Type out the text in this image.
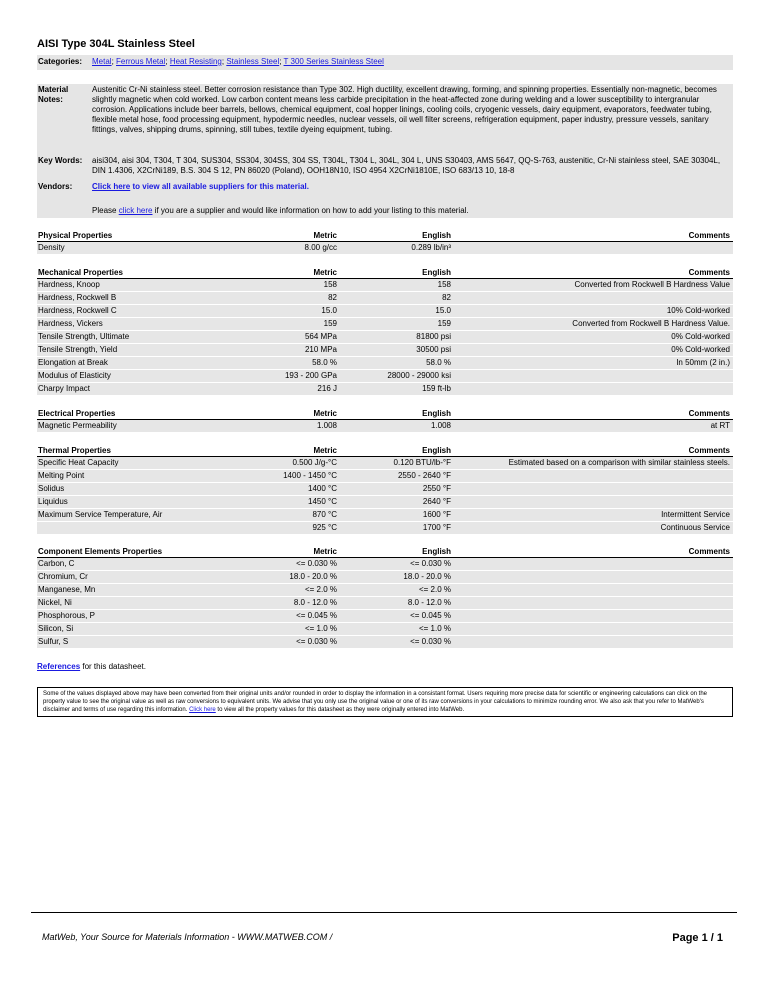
AISI Type 304L Stainless Steel
Categories:	Metal; Ferrous Metal; Heat Resisting; Stainless Steel; T 300 Series Stainless Steel
Material
Notes:
Austenitic Cr-Ni stainless steel. Better corrosion resistance than Type 302. High ductility, excellent drawing, forming, and spinning properties. Essentially non-magnetic, becomes slightly magnetic when cold worked. Low carbon content means less carbide precipitation in the heat-affected zone during welding and a lower susceptibility to intergranular corrosion. Applications include beer barrels, bellows, chemical equipment, coal hopper linings, cooling coils, cryogenic vessels, dairy equipment, evaporators, feedwater tubing, flexible metal hose, food processing equipment, hypodermic needles, nuclear vessels, oil well filter screens, refrigeration equipment, paper industry, pressure vessels, sanitary fittings, valves, shipping drums, spinning, still tubes, textile dyeing equipment, tubing.
Key Words:	aisi304, aisi 304, T304, T 304, SUS304, SS304, 304SS, 304 SS, T304L, T304 L, 304L, 304 L, UNS S30403, AMS 5647, QQ-S-763, austenitic, Cr-Ni stainless steel, SAE 30304L, DIN 1.4306, X2CrNi189, B.S. 304 S 12, PN 86020 (Poland), OOH18N10, ISO 4954 X2CrNi1810E, ISO 683/13 10, 18-8
Vendors:	Click here to view all available suppliers for this material.
Please click here if you are a supplier and would like information on how to add your listing to this material.
Physical Properties	Metric	English	Comments
Density	8.00 g/cc	0.289 lb/in³
Mechanical Properties	Metric	English	Comments
Hardness, Knoop	158	158	Converted from Rockwell B Hardness Value
Hardness, Rockwell B	82	82
Hardness, Rockwell C	15.0	15.0	10% Cold-worked
Hardness, Vickers	159	159	Converted from Rockwell B Hardness Value.
Tensile Strength, Ultimate	564 MPa	81800 psi	0% Cold-worked
Tensile Strength, Yield	210 MPa	30500 psi	0% Cold-worked
Elongation at Break	58.0 %	58.0 %	In 50mm (2 in.)
Modulus of Elasticity	193 - 200 GPa	28000 - 29000 ksi
Charpy Impact	216 J	159 ft-lb
Electrical Properties	Metric	English	Comments
Magnetic Permeability	1.008	1.008	at RT
Thermal Properties	Metric	English	Comments
Specific Heat Capacity	0.500 J/g-°C	0.120 BTU/lb-°F	Estimated based on a comparison with similar stainless steels.
Melting Point	1400 - 1450 °C	2550 - 2640 °F
Solidus	1400 °C	2550 °F
Liquidus	1450 °C	2640 °F
Maximum Service Temperature, Air	870 °C	1600 °F	Intermittent Service
925 °C	1700 °F	Continuous Service
Component Elements Properties	Metric	English	Comments
Carbon, C	<= 0.030 %	<= 0.030 %
Chromium, Cr	18.0 - 20.0 %	18.0 - 20.0 %
Manganese, Mn	<= 2.0 %	<= 2.0 %
Nickel, Ni	8.0 - 12.0 %	8.0 - 12.0 %
Phosphorous, P	<= 0.045 %	<= 0.045 %
Silicon, Si	<= 1.0 %	<= 1.0 %
Sulfur, S	<= 0.030 %	<= 0.030 %
References for this datasheet.
Some of the values displayed above may have been converted from their original units and/or rounded in order to display the information in a consistant format. Users requiring more precise data for scientific or engineering calculations can click on the property value to see the original value as well as raw conversions to equivalent units. We advise that you only use the original value or one of its raw conversions in your calculations to minimize rounding error. We also ask that you refer to MatWeb's disclaimer and terms of use regarding this information. Click here to view all the property values for this datasheet as they were originally entered into MatWeb.
MatWeb, Your Source for Materials Information - WWW.MATWEB.COM /	Page 1 / 1
